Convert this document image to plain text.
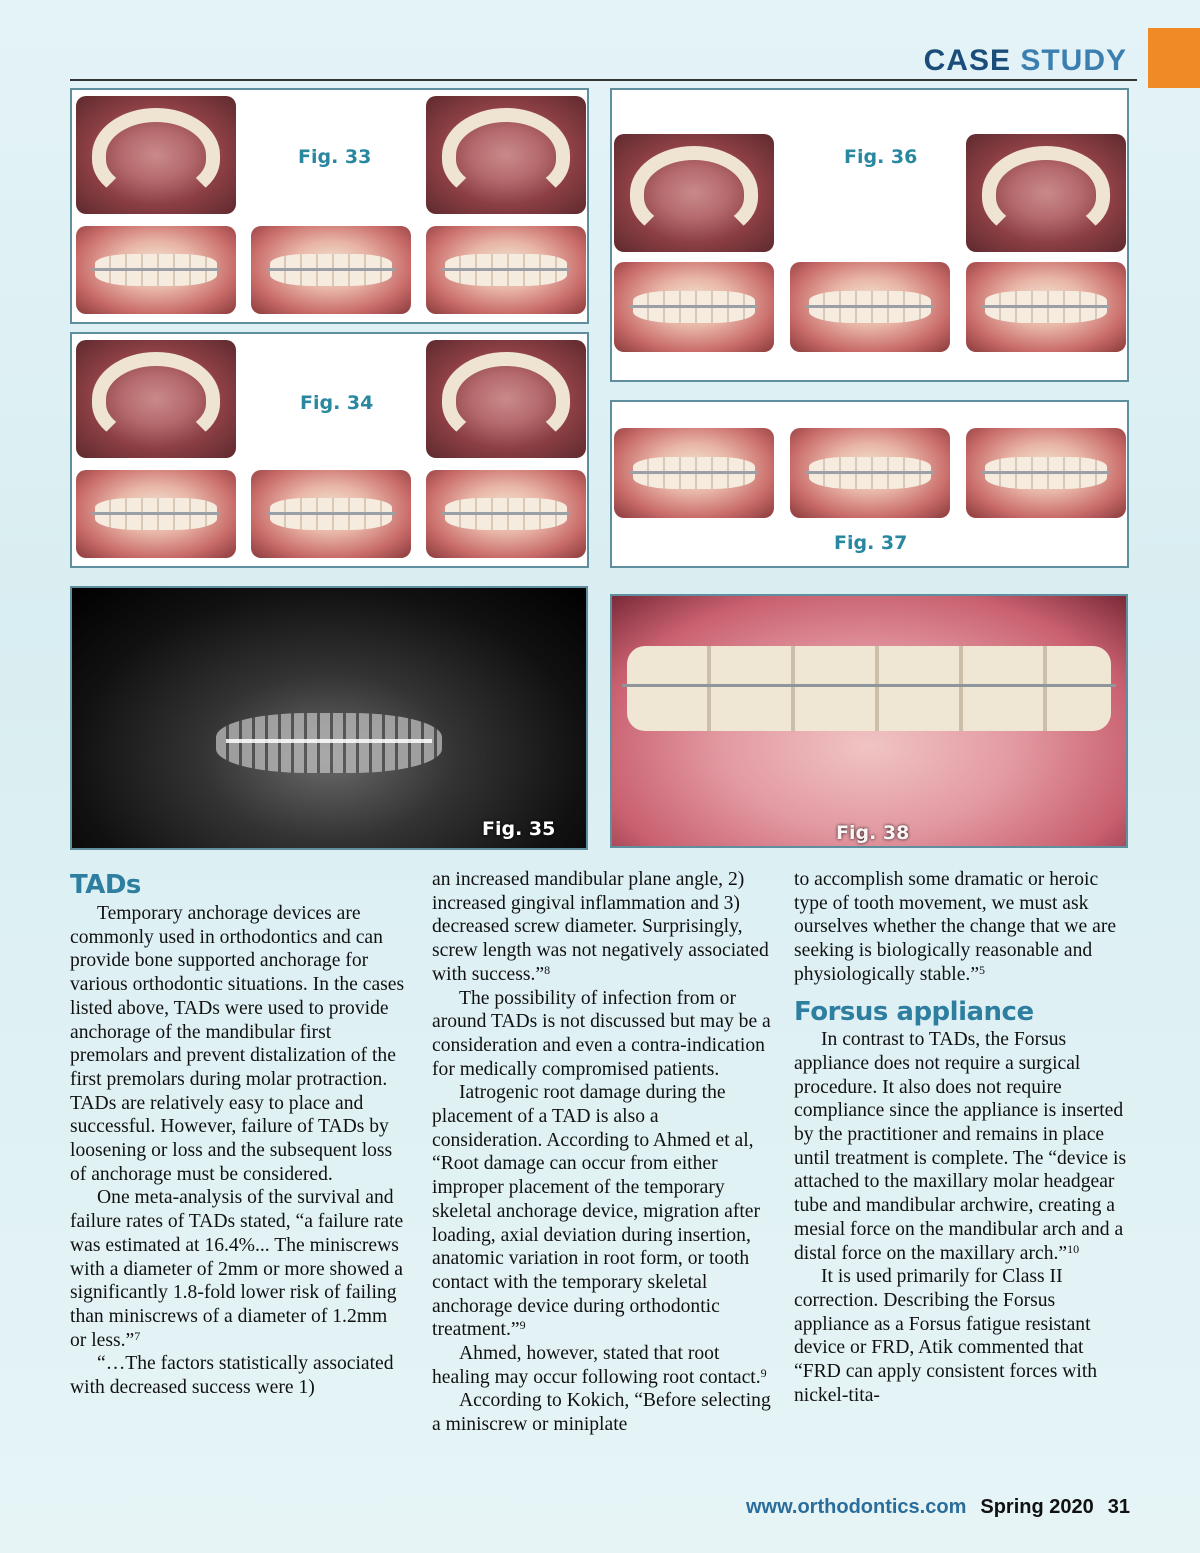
CASE STUDY
Fig. 33
Fig. 34
Fig. 36
Fig. 37
Fig. 35	Fig. 38
TADs

Temporary anchorage devices are commonly used in orthodontics and can provide bone supported anchorage for various orthodontic situations. In the cases listed above, TADs were used to provide anchorage of the mandibular first premolars and prevent distalization of the first premolars during molar protraction. TADs are relatively easy to place and successful. However, failure of TADs by loosening or loss and the subsequent loss of anchorage must be considered.

One meta-analysis of the survival and failure rates of TADs stated, “a failure rate was estimated at 16.4%... The miniscrews with a diameter of 2mm or more showed a significantly 1.8-fold lower risk of failing than miniscrews of a diameter of 1.2mm or less.”$^7$

“…The factors statistically associated with decreased success were 1)

an increased mandibular plane angle, 2) increased gingival inflammation and 3) decreased screw diameter. Surprisingly, screw length was not negatively associated with success.”$^8$

The possibility of infection from or around TADs is not discussed but may be a consideration and even a contra-indication for medically compromised patients.

Iatrogenic root damage during the placement of a TAD is also a consideration. According to Ahmed et al, “Root damage can occur from either improper placement of the temporary skeletal anchorage device, migration after loading, axial deviation during insertion, anatomic variation in root form, or tooth contact with the temporary skeletal anchorage device during orthodontic treatment.”$^9$

Ahmed, however, stated that root healing may occur following root contact.$^9$

According to Kokich, “Before selecting a miniscrew or miniplate

to accomplish some dramatic or heroic type of tooth movement, we must ask ourselves whether the change that we are seeking is biologically reasonable and physiologically stable.”$^5$

Forsus appliance

In contrast to TADs, the Forsus appliance does not require a surgical procedure. It also does not require compliance since the appliance is inserted by the practitioner and remains in place until treatment is complete. The “device is attached to the maxillary molar headgear tube and mandibular archwire, creating a mesial force on the mandibular arch and a distal force on the maxillary arch.”$^{10}$

It is used primarily for Class II correction. Describing the Forsus appliance as a Forsus fatigue resistant device or FRD, Atik commented that “FRD can apply consistent forces with nickel-tita-

www.orthodontics.com Spring 2020 31
